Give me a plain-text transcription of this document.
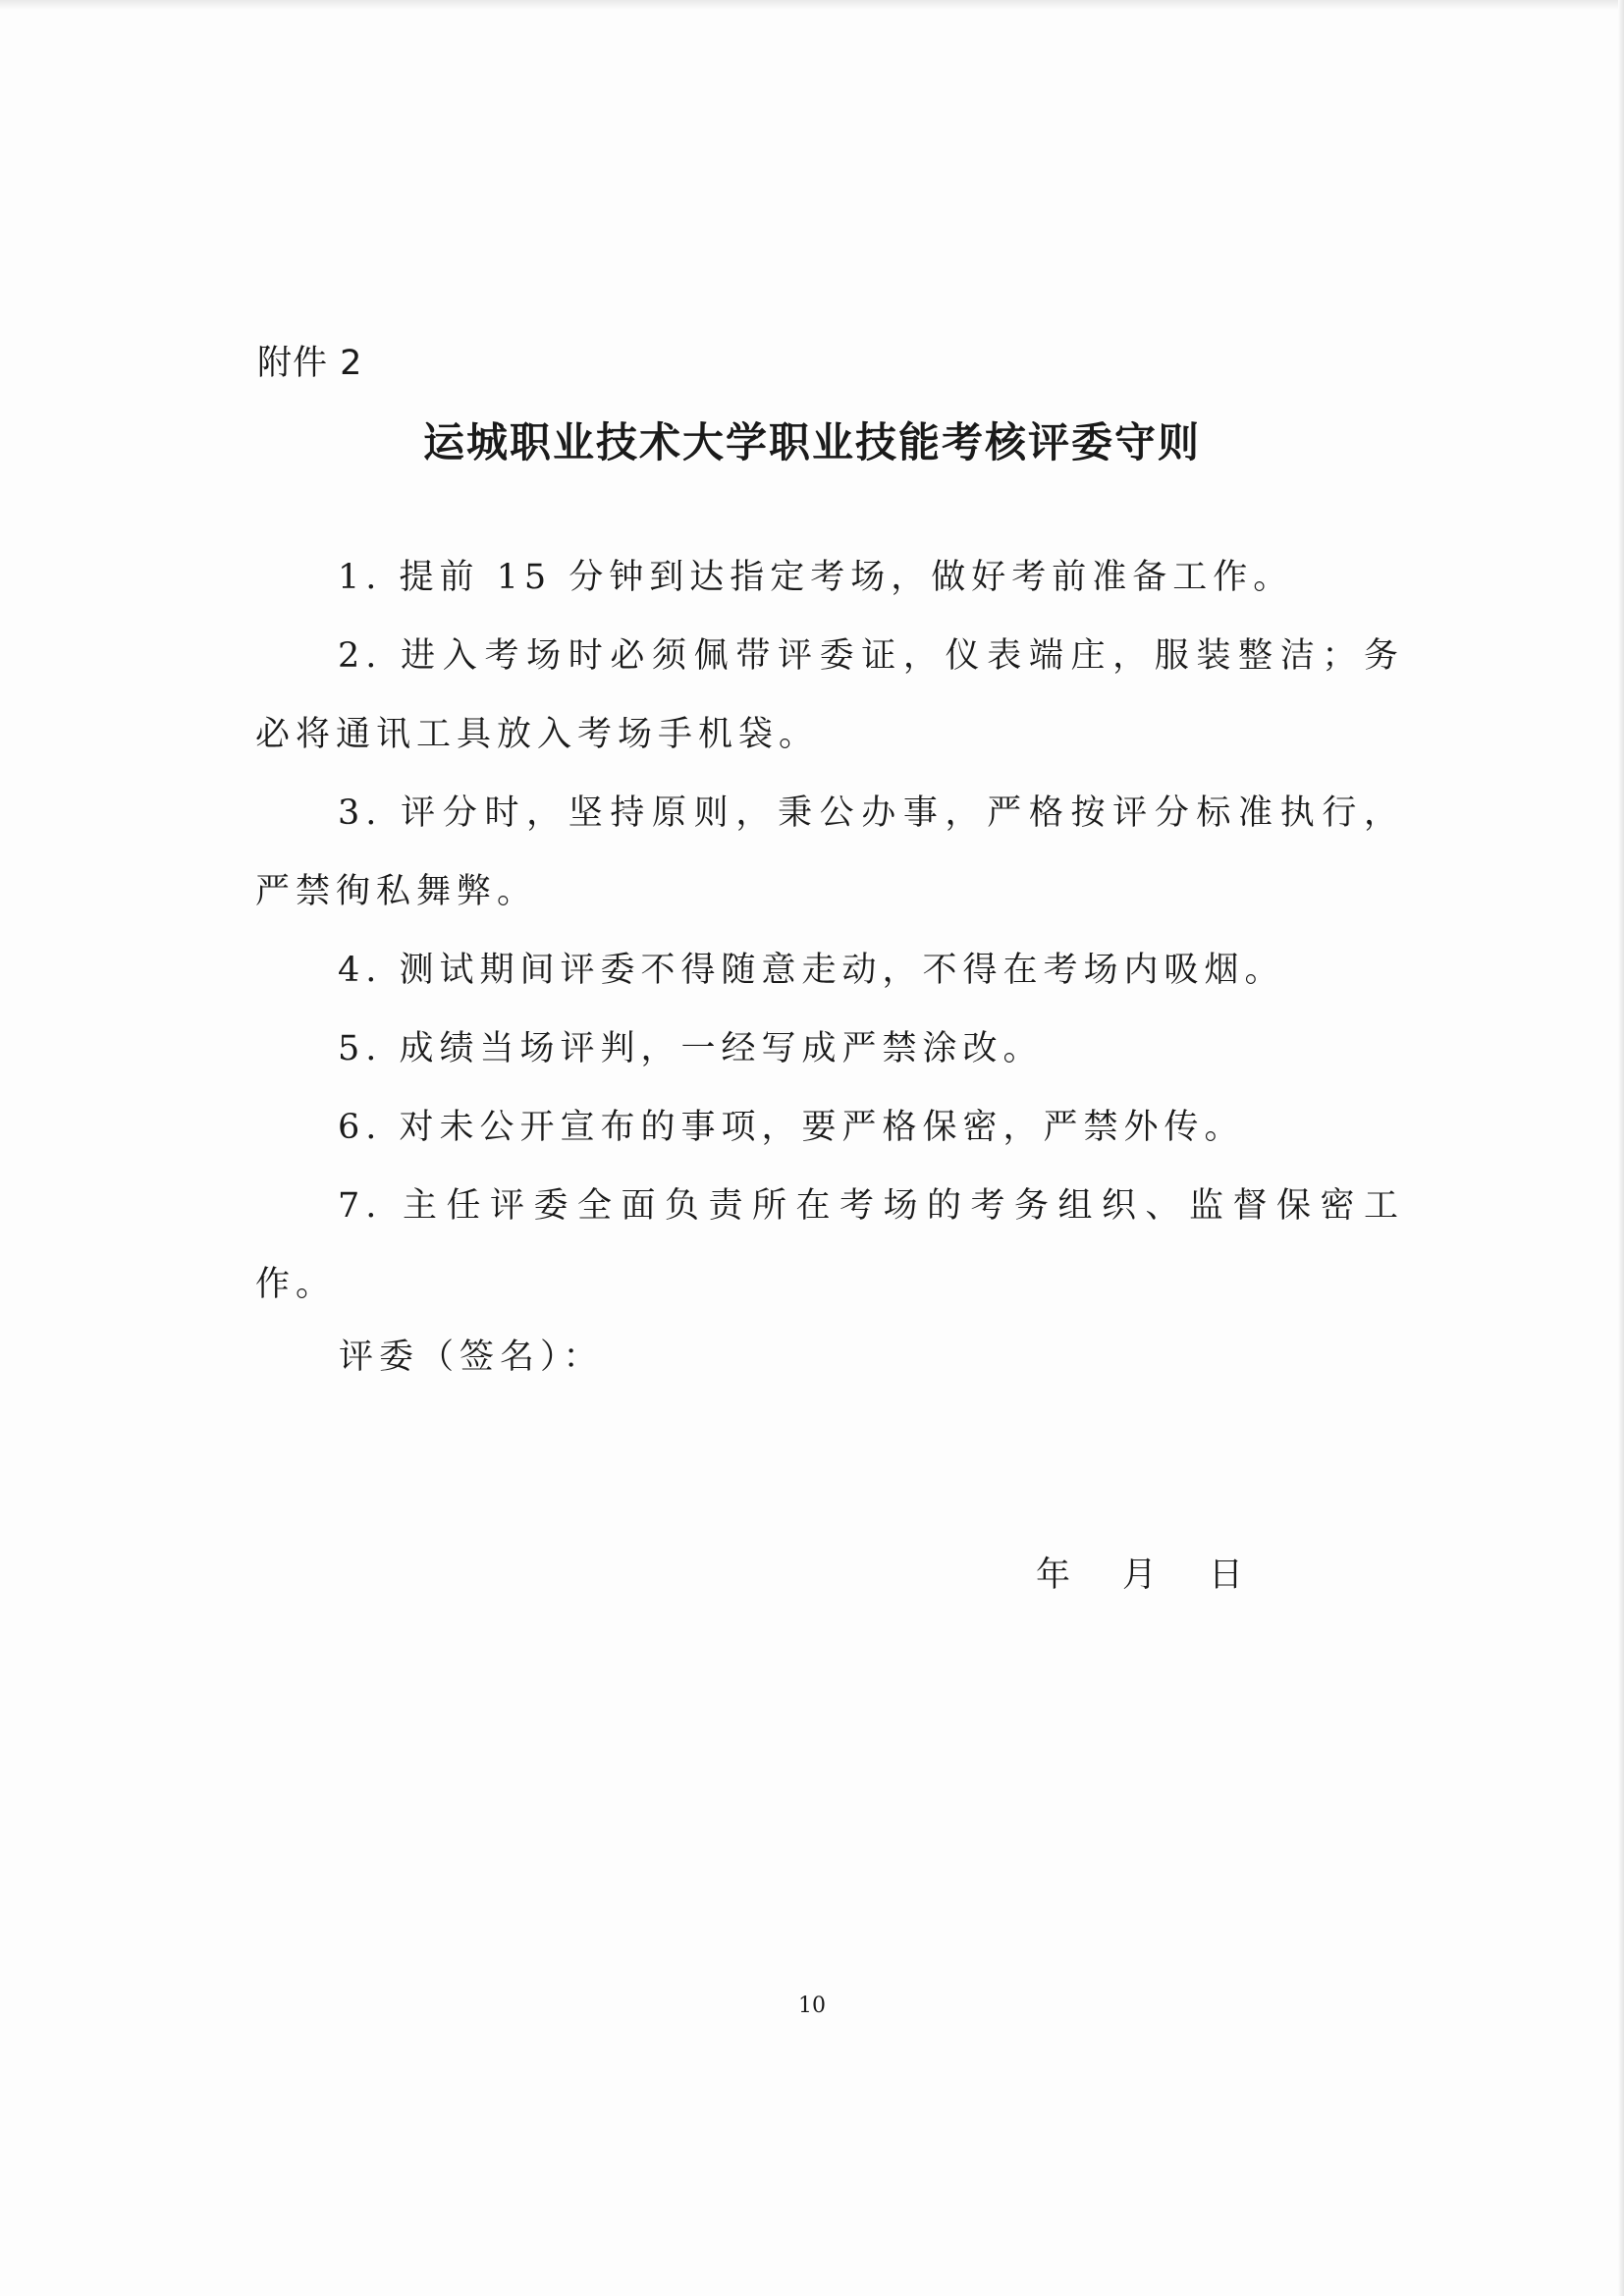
附件 2
运城职业技术大学职业技能考核评委守则

1. 提前 15 分钟到达指定考场，做好考前准备工作。

2. 进入考场时必须佩带评委证，仪表端庄，服装整洁；务必将通讯工具放入考场手机袋。

3. 评分时，坚持原则，秉公办事，严格按评分标准执行，严禁徇私舞弊。

4. 测试期间评委不得随意走动，不得在考场内吸烟。

5. 成绩当场评判，一经写成严禁涂改。

6. 对未公开宣布的事项，要严格保密，严禁外传。

7. 主任评委全面负责所在考场的考务组织、监督保密工作。

评委（签名）：
年	月	日
10
